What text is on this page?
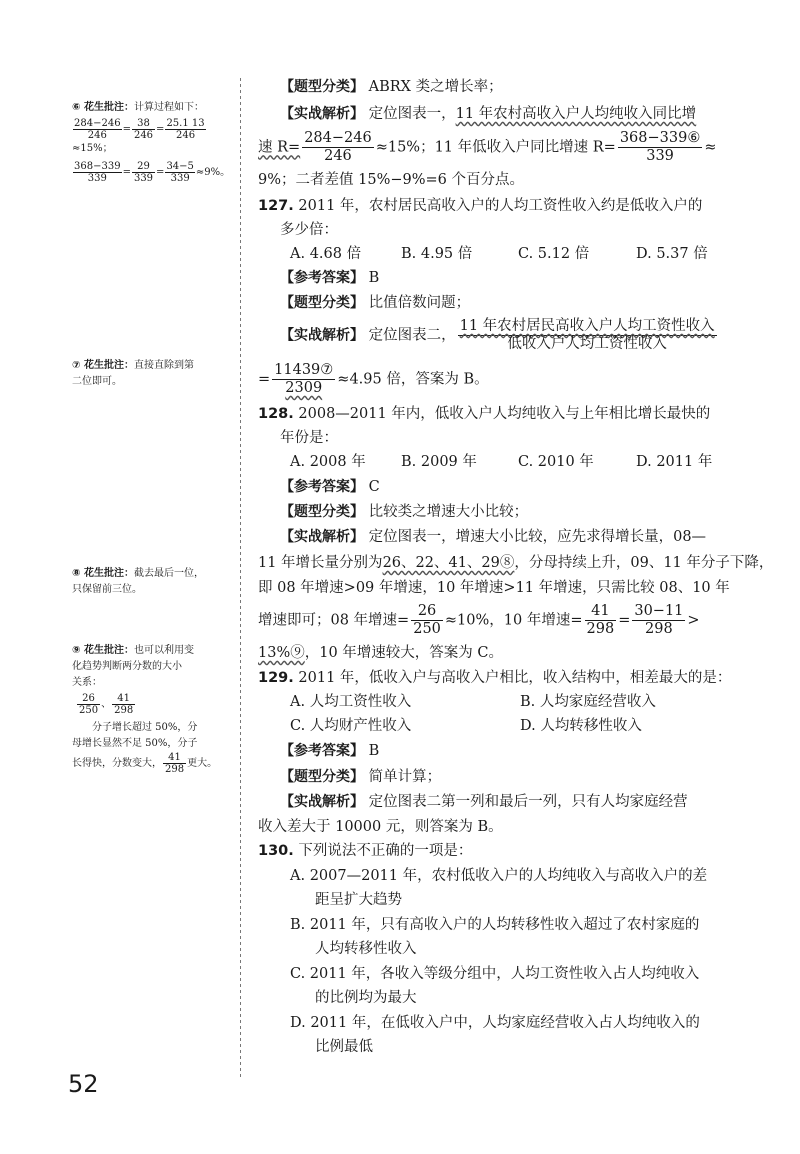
⑥ 花生批注：计算过程如下：
$\frac{284-246}{246} = \frac{38}{246} = \frac{25.1 13}{246}$
≈15%；
$\frac{368-339}{339} = \frac{29}{339} = \frac{34-5}{339} \approx 9\%$。
⑦ 花生批注：直接直除到第
二位即可。
⑧ 花生批注：截去最后一位，
只保留前三位。
⑨ 花生批注：也可以利用变
化趋势判断两分数的大小
关系：
$\frac{26}{250}$ 、 $\frac{41}{298}$
分子增长超过 50%，分
母增长显然不足 50%，分子
长得快，分数变大， $\frac{41}{298}$ 更大。
【题型分类】 ABRX 类之增长率；
【实战解析】 定位图表一，11 年农村高收入户人均纯收入同比增
速 $R= \frac{284-246}{246} \approx 15\%$；11 年低收入户同比增速 $R= \frac{\text{368−339⑥}}{339}$ ≈
9%；二者差值 15%−9%=6 个百分点。
127. 2011 年，农村居民高收入户的人均工资性收入约是低收入户的
多少倍：
A. 4.68 倍	B. 4.95 倍	C. 5.12 倍	D. 5.37 倍
【参考答案】 B
【题型分类】 比值倍数问题；
【实战解析】 定位图表二， $\frac{\text{11 年农村居民高收入户人均工资性收入}}{\text{低收入户人均工资性收入}}$
= $\frac{\text{11439⑦}}{2309} \approx 4.95$ 倍，答案为 B。
128. 2008—2011 年内，低收入户人均纯收入与上年相比增长最快的
年份是：
A. 2008 年 B. 2009 年	C. 2010 年	D. 2011 年
【参考答案】 C
【题型分类】 比较类之增速大小比较；
【实战解析】 定位图表一，增速大小比较，应先求得增长量，08—
11 年增长量分别为26、22、41、29⑧，分母持续上升，09、11 年分子下降，
即 08 年增速>09 年增速，10 年增速>11 年增速，只需比较 08、10 年
增速即可；08 年增速= $\frac{26}{250} \approx 10\%$，10 年增速= $\frac{41}{298} = \frac{30-11}{298}$ >
13%⑨，10 年增速较大，答案为 C。
129. 2011 年，低收入户与高收入户相比，收入结构中，相差最大的是：
A. 人均工资性收入	B. 人均家庭经营收入
C. 人均财产性收入	D. 人均转移性收入
【参考答案】 B
【题型分类】 简单计算；
【实战解析】 定位图表二第一列和最后一列，只有人均家庭经营
收入差大于 10000 元，则答案为 B。
130. 下列说法不正确的一项是：
A. 2007—2011 年，农村低收入户的人均纯收入与高收入户的差
距呈扩大趋势
B. 2011 年，只有高收入户的人均转移性收入超过了农村家庭的
人均转移性收入
C. 2011 年，各收入等级分组中，人均工资性收入占人均纯收入
的比例均为最大
D. 2011 年，在低收入户中，人均家庭经营收入占人均纯收入的
比例最低
52
